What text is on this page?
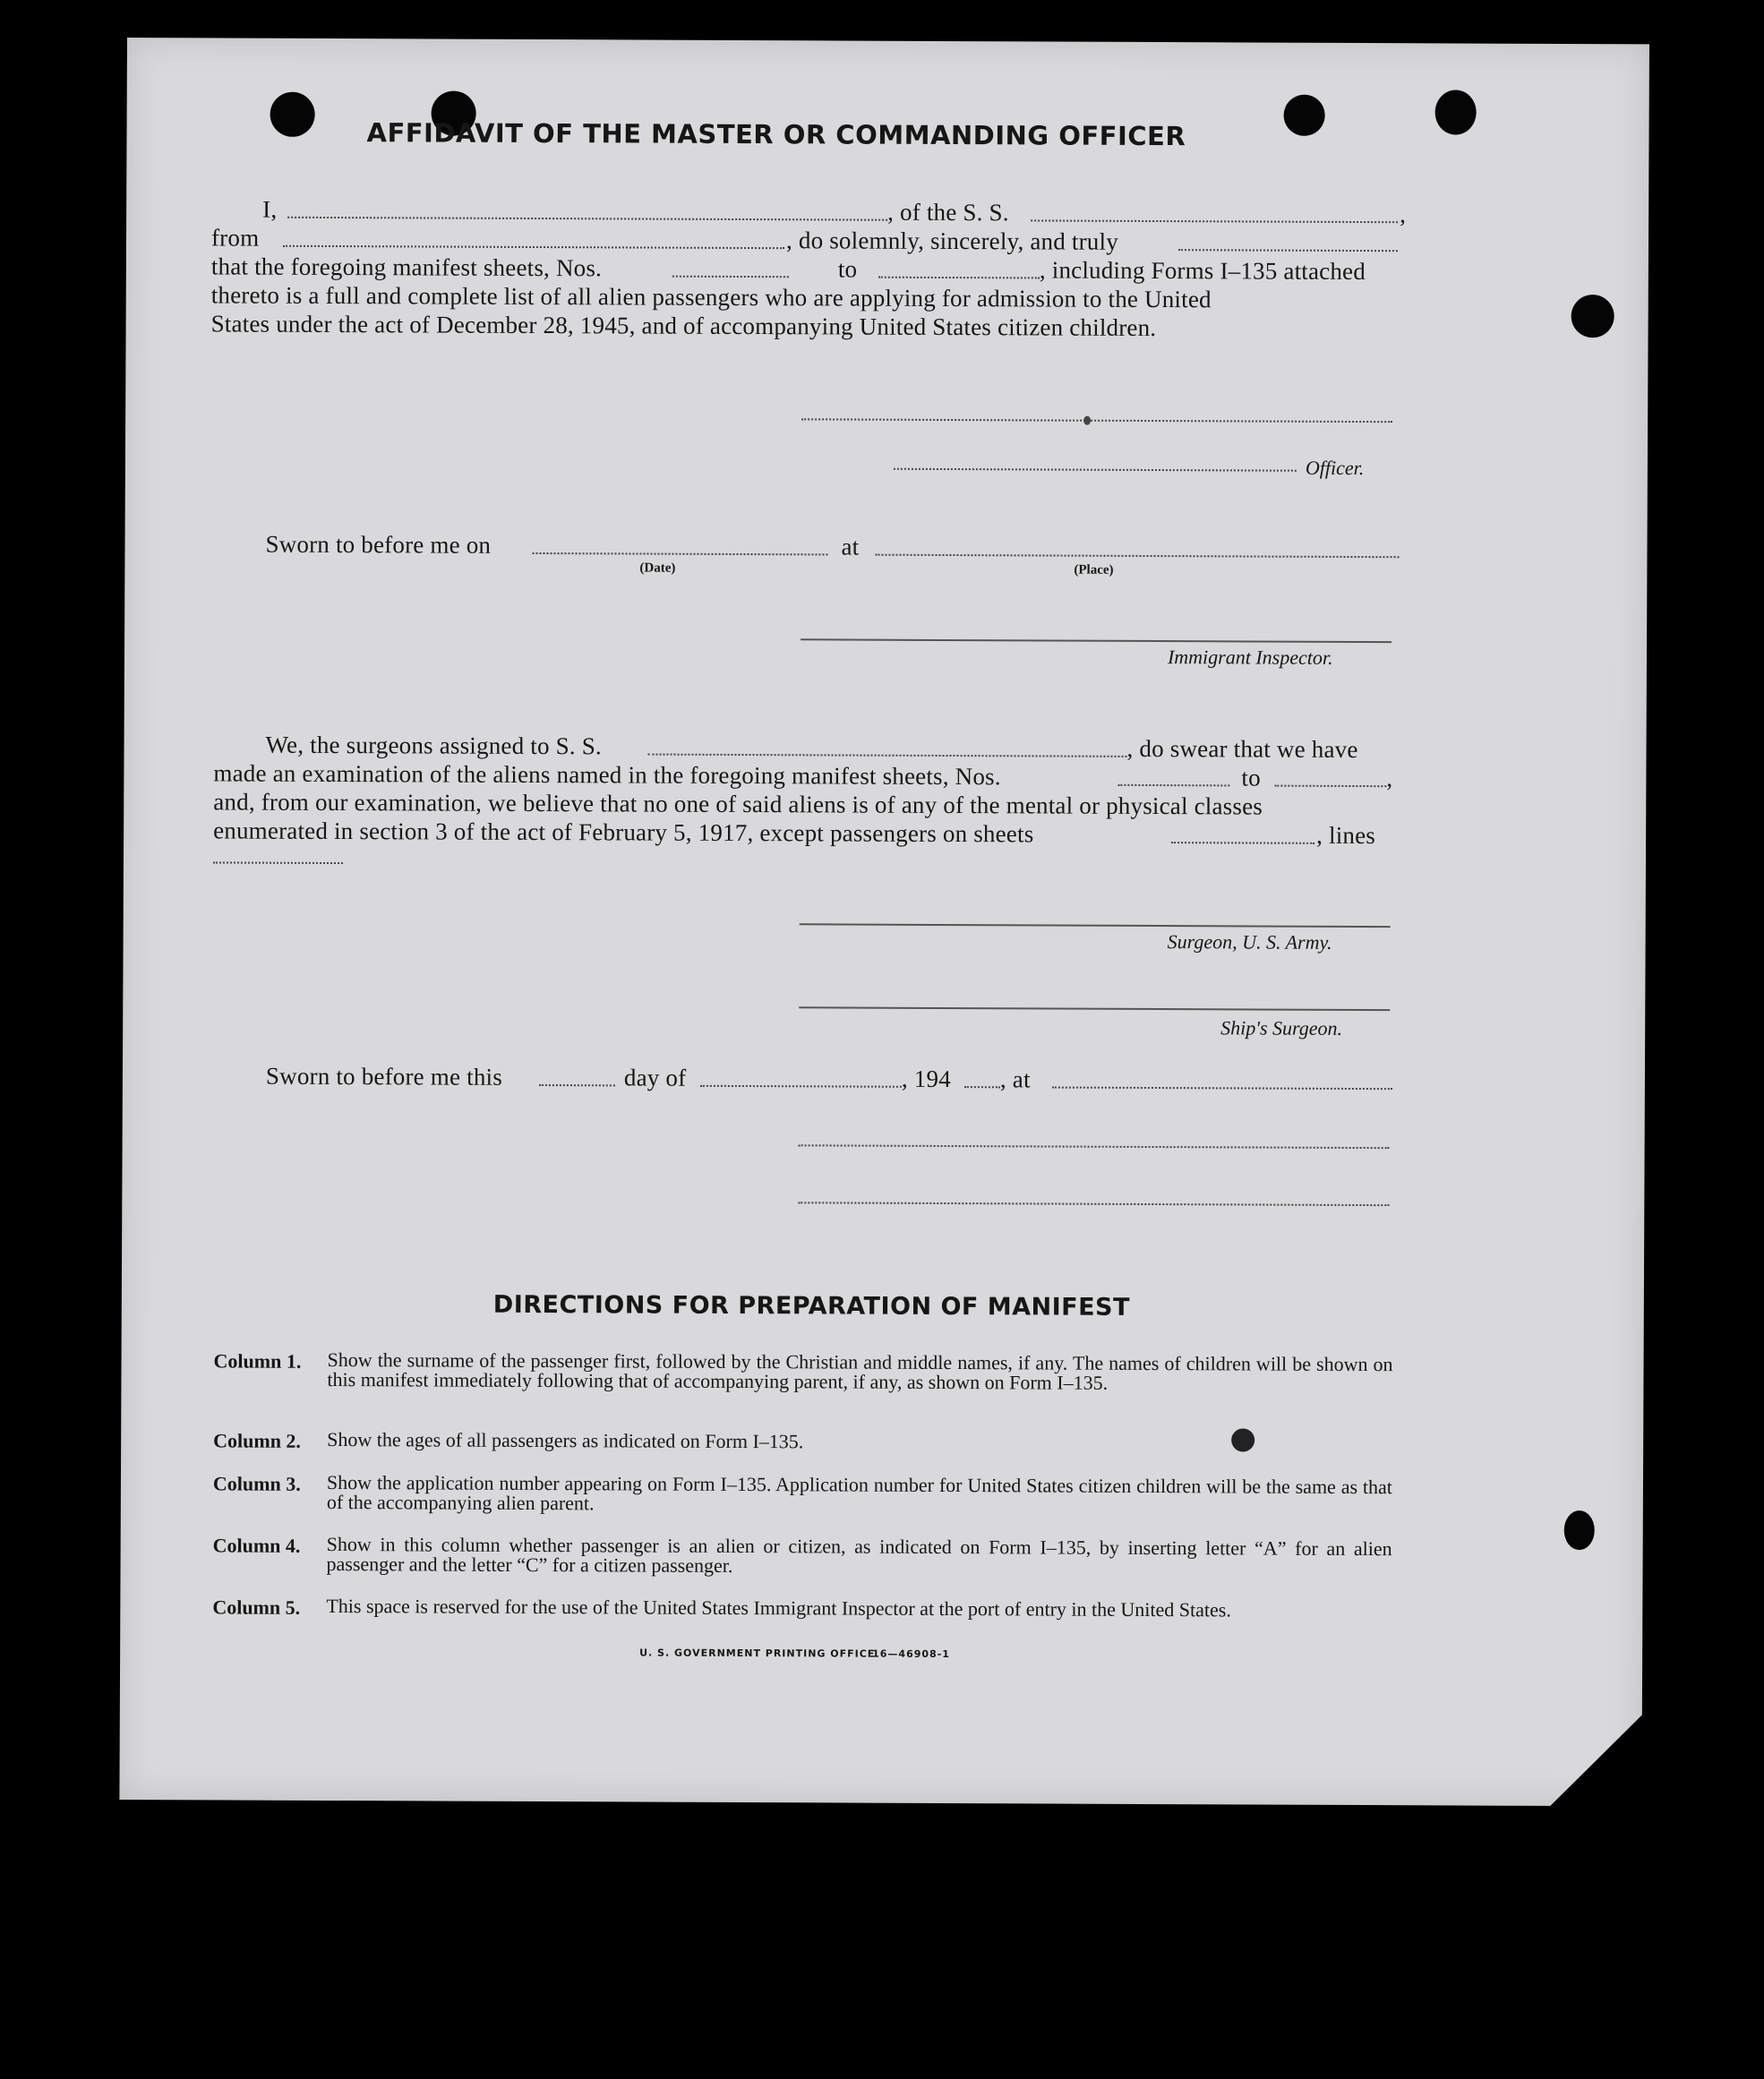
AFFIDAVIT OF THE MASTER OR COMMANDING OFFICER
I,	, of the S. S.	,
from	, do solemnly, sincerely, and truly
that the foregoing manifest sheets, Nos.	to	, including Forms I–135 attached
thereto is a full and complete list of all alien passengers who are applying for admission to the United
States under the act of December 28, 1945, and of accompanying United States citizen children.
Officer.
Sworn to before me on
(Date)
at
(Place)
Immigrant Inspector.
We, the surgeons assigned to S. S.	, do swear that we have
made an examination of the aliens named in the foregoing manifest sheets, Nos.	to	,
and, from our examination, we believe that no one of said aliens is of any of the mental or physical classes
enumerated in section 3 of the act of February 5, 1917, except passengers on sheets	, lines
Surgeon, U. S. Army.
Ship's Surgeon.
Sworn to before me this	day of	, 194 , at
DIRECTIONS FOR PREPARATION OF MANIFEST
Column 1. Show the surname of the passenger first, followed by the Christian and middle names, if any. The names of children will be shown on this manifest immediately following that of accompanying parent, if any, as shown on Form I–135.
Column 2. Show the ages of all passengers as indicated on Form I–135.
Column 3. Show the application number appearing on Form I–135. Application number for United States citizen children will be the same as that of the accompanying alien parent.
Column 4. Show in this column whether passenger is an alien or citizen, as indicated on Form I–135, by inserting letter “A” for an alien passenger and the letter “C” for a citizen passenger.
Column 5. This space is reserved for the use of the United States Immigrant Inspector at the port of entry in the United States.
U. S. GOVERNMENT PRINTING OFFICE
16—46908-1
